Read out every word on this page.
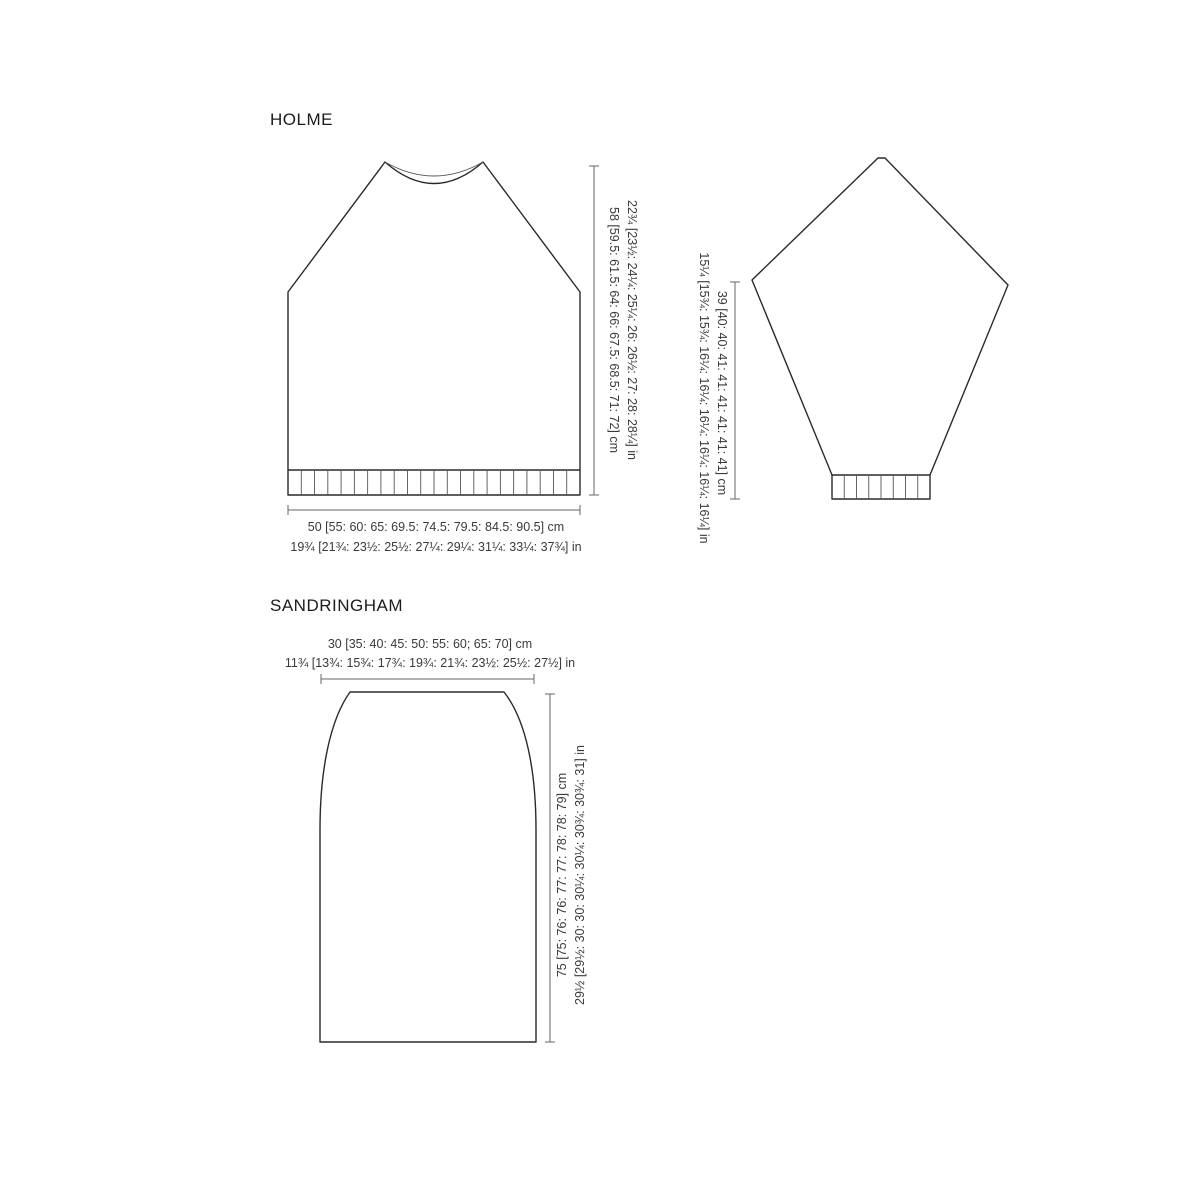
HOLME
SANDRINGHAM
50 [55: 60: 65: 69.5: 74.5: 79.5: 84.5: 90.5] cm
19¾ [21¾: 23½: 25½: 27¼: 29¼: 31¼: 33¼: 37¾] in
58 [59.5: 61.5: 64: 66: 67.5: 68.5: 71: 72] cm 22¾ [23½: 24¼: 25¼: 26: 26½: 27: 28: 28¼] in	39 [40: 40: 41: 41: 41: 41: 41: 41] cm
15¼ [15¾: 15¾: 16¼: 16¼: 16¼: 16¼: 16¼: 16¼] in
30 [35: 40: 45: 50: 55: 60; 65: 70] cm
11¾ [13¾: 15¾: 17¾: 19¾: 21¾: 23½: 25½: 27½] in
75 [75: 76: 76: 77: 77: 78: 78: 79] cm 29½ [29½: 30: 30: 30¼: 30¼: 30¾: 30¾: 31] in
